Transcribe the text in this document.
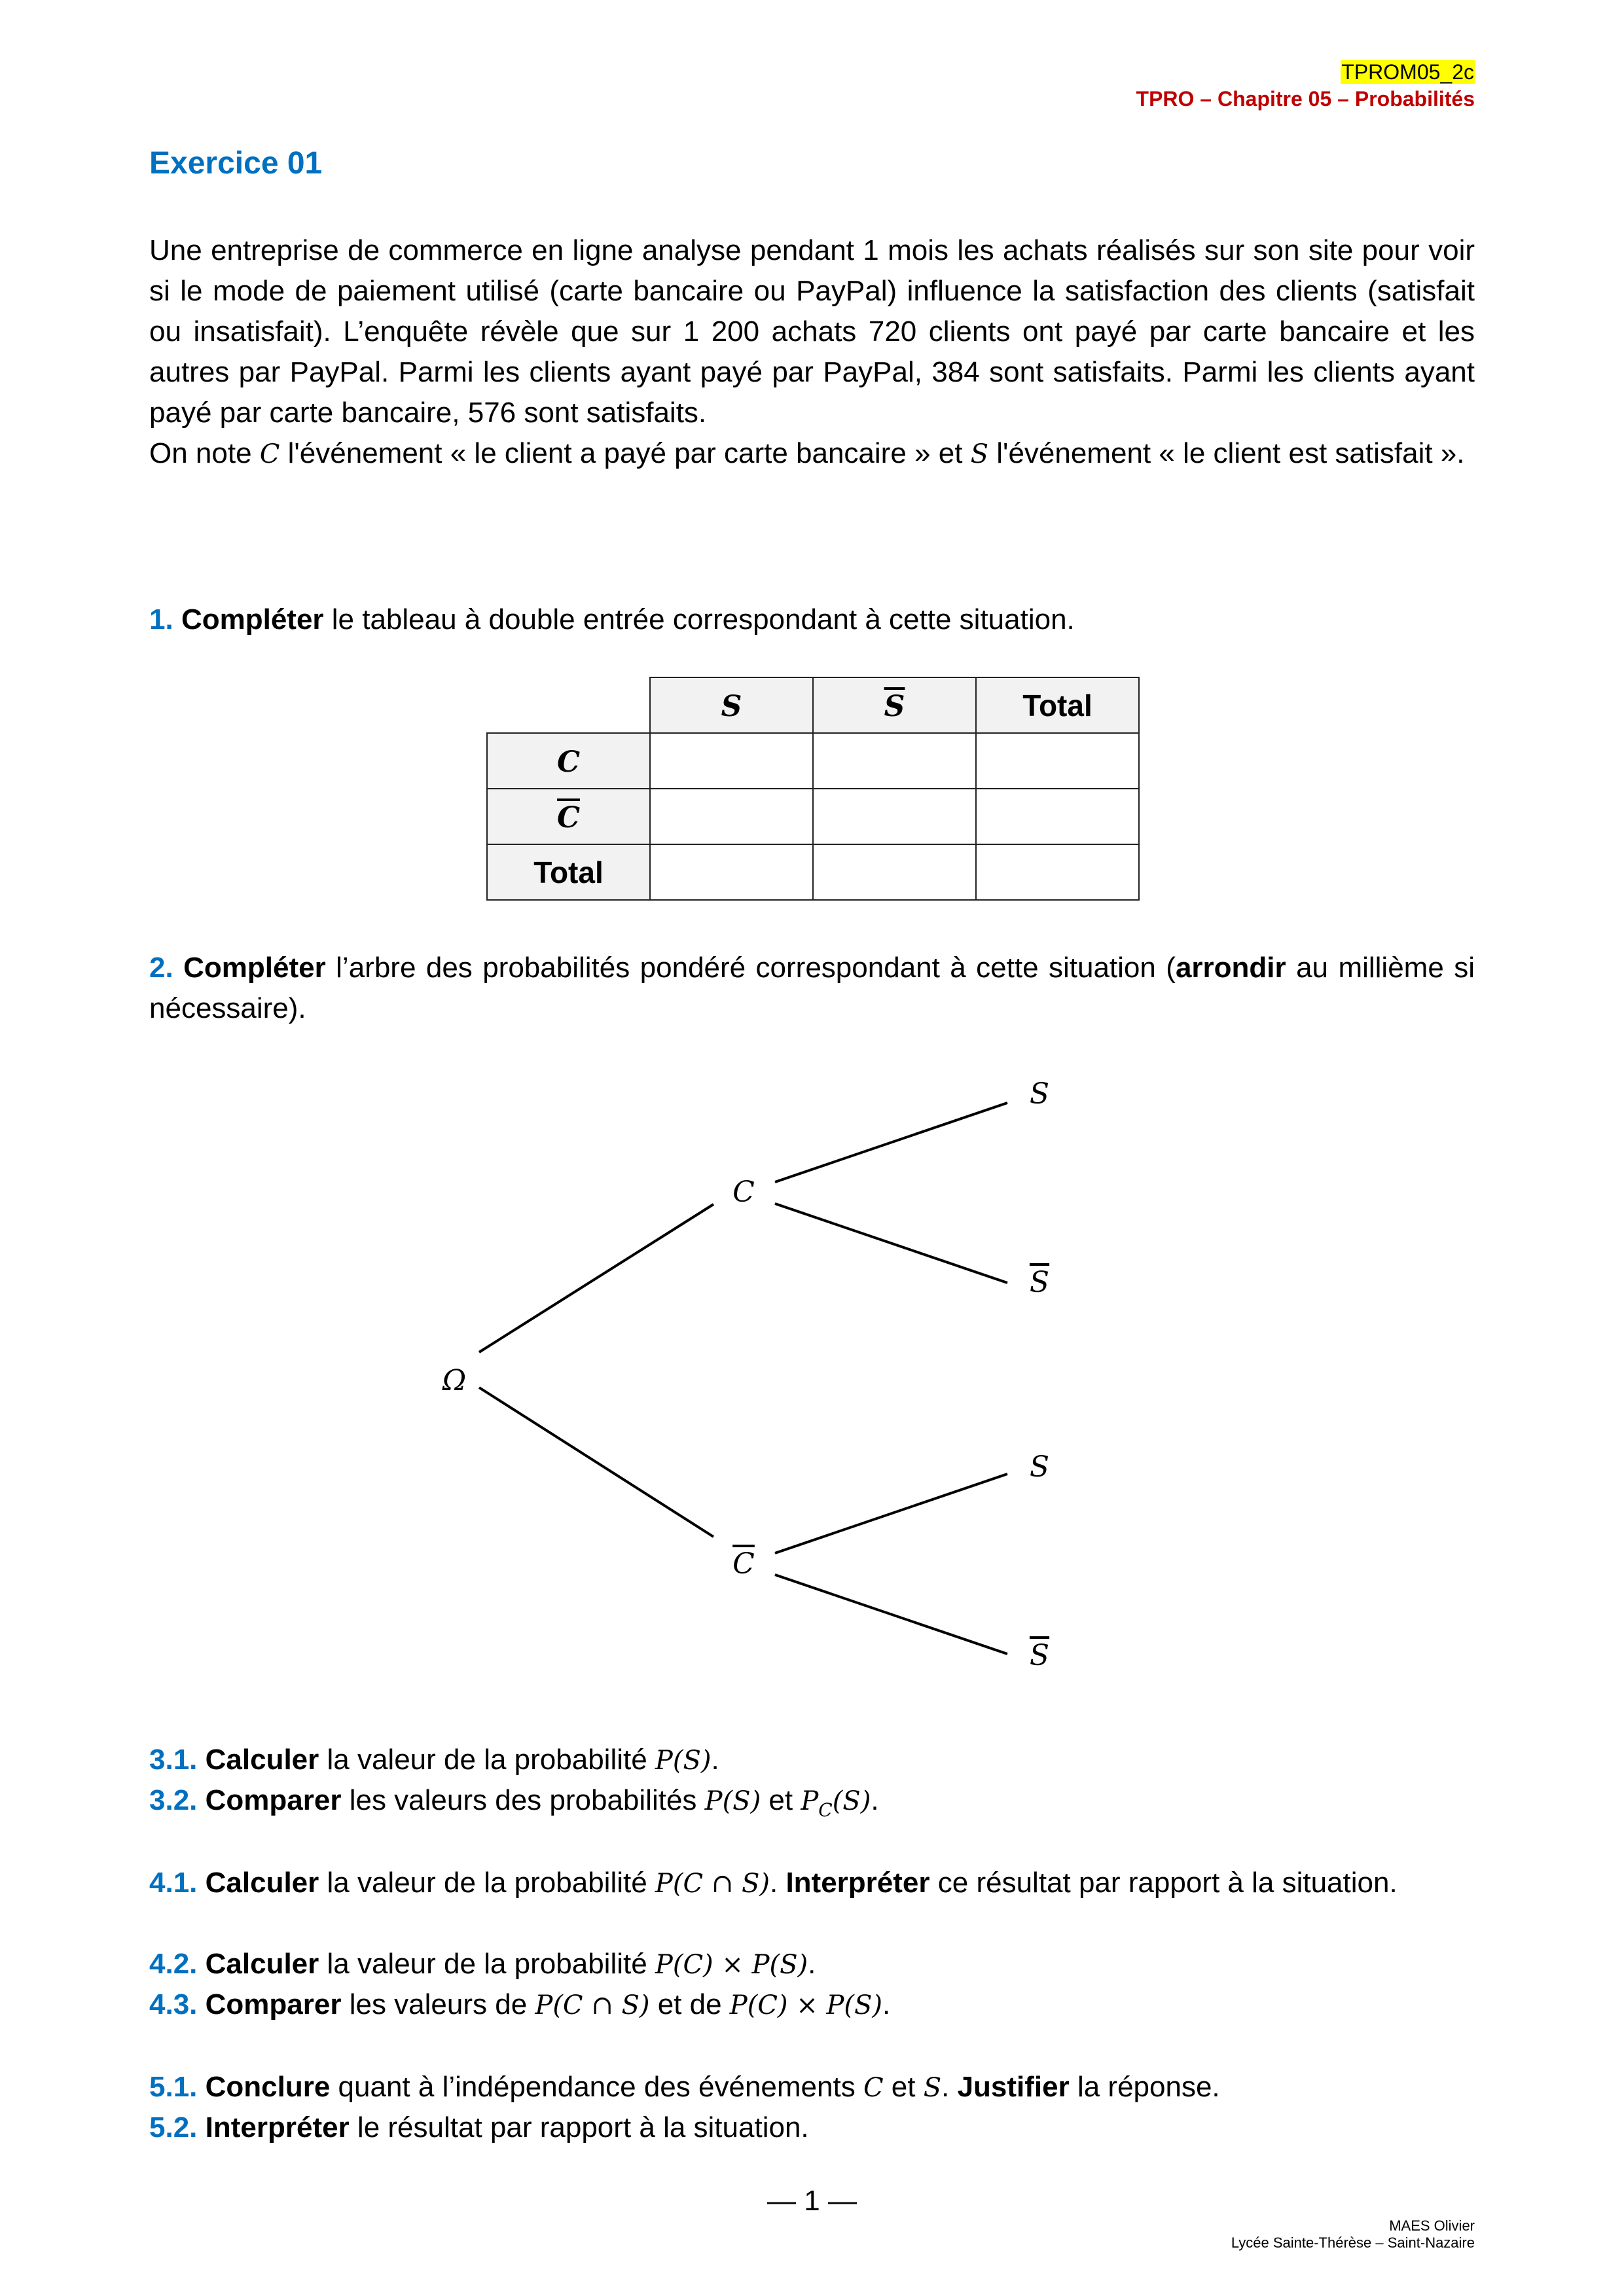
TPROM05_2c
TPRO – Chapitre 05 – Probabilités
Exercice 01

Une entreprise de commerce en ligne analyse pendant 1 mois les achats réalisés sur son site pour voir si le mode de paiement utilisé (carte bancaire ou PayPal) influence la satisfaction des clients (satisfait ou insatisfait). L’enquête révèle que sur 1 200 achats 720 clients ont payé par carte bancaire et les autres par PayPal. Parmi les clients ayant payé par PayPal, 384 sont satisfaits. Parmi les clients ayant payé par carte bancaire, 576 sont satisfaits.

On note C l'événement « le client a payé par carte bancaire » et S l'événement « le client est satisfait ».

1. Compléter le tableau à double entrée correspondant à cette situation.
	S	$\overline{S}$	Total
C			
$\overline{C}$			
Total			
2. Compléter l’arbre des probabilités pondéré correspondant à cette situation (arrondir au millième si nécessaire).
Ω
C
$\overline{C}$
S
$\overline{S}$
S
$\overline{S}$
3.1. Calculer la valeur de la probabilité P(S).
3.2. Comparer les valeurs des probabilités P(S) et $P_C(S)$.
4.1. Calculer la valeur de la probabilité P(C ∩ S). Interpréter ce résultat par rapport à la situation.
4.2. Calculer la valeur de la probabilité P(C) × P(S).
4.3. Comparer les valeurs de P(C ∩ S) et de P(C) × P(S).
5.1. Conclure quant à l’indépendance des événements C et S. Justifier la réponse.
5.2. Interpréter le résultat par rapport à la situation.
— 1 —
MAES Olivier
Lycée Sainte-Thérèse – Saint-Nazaire
